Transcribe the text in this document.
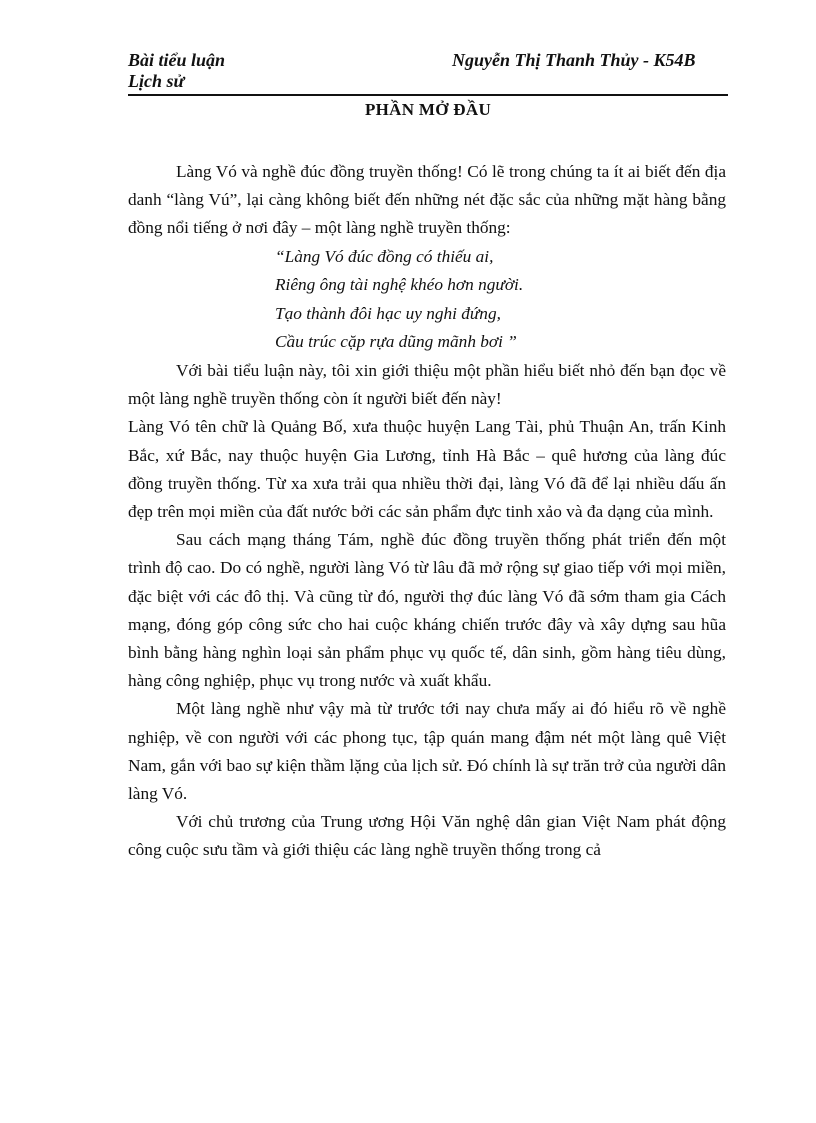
Bài tiểu luận
Lịch sử
Nguyễn Thị Thanh Thủy - K54B
PHẦN MỞ ĐẦU

Làng Vó và nghề đúc đồng truyền thống! Có lẽ trong chúng ta ít ai biết đến địa danh “làng Vú”, lại càng không biết đến những nét đặc sắc của những mặt hàng bằng đồng nổi tiếng ở nơi đây – một làng nghề truyền thống:

“Làng Vó đúc đồng có thiếu ai,
Riêng ông tài nghệ khéo hơn người.
Tạo thành đôi hạc uy nghi đứng,
Cầu trúc cặp rựa dũng mãnh bơi ”

Với bài tiểu luận này, tôi xin giới thiệu một phần hiểu biết nhỏ đến bạn đọc về một làng nghề truyền thống còn ít người biết đến này!

Làng Vó tên chữ là Quảng Bố, xưa thuộc huyện Lang Tài, phủ Thuận An, trấn Kinh Bắc, xứ Bắc, nay thuộc huyện Gia Lương, tỉnh Hà Bắc – quê hương của làng đúc đồng truyền thống. Từ xa xưa trải qua nhiều thời đại, làng Vó đã để lại nhiều dấu ấn đẹp trên mọi miền của đất nước bởi các sản phẩm đực tinh xảo và đa dạng của mình.

Sau cách mạng tháng Tám, nghề đúc đồng truyền thống phát triển đến một trình độ cao. Do có nghề, người làng Vó từ lâu đã mở rộng sự giao tiếp với mọi miền, đặc biệt với các đô thị. Và cũng từ đó, người thợ đúc làng Vó đã sớm tham gia Cách mạng, đóng góp công sức cho hai cuộc kháng chiến trước đây và xây dựng sau hũa bình bằng hàng nghìn loại sản phẩm phục vụ quốc tế, dân sinh, gồm hàng tiêu dùng, hàng công nghiệp, phục vụ trong nước và xuất khẩu.

Một làng nghề như vậy mà từ trước tới nay chưa mấy ai đó hiểu rõ về nghề nghiệp, về con người với các phong tục, tập quán mang đậm nét một làng quê Việt Nam, gắn với bao sự kiện thầm lặng của lịch sử. Đó chính là sự trăn trở của người dân làng Vó.

Với chủ trương của Trung ương Hội Văn nghệ dân gian Việt Nam phát động công cuộc sưu tầm và giới thiệu các làng nghề truyền thống trong cả
